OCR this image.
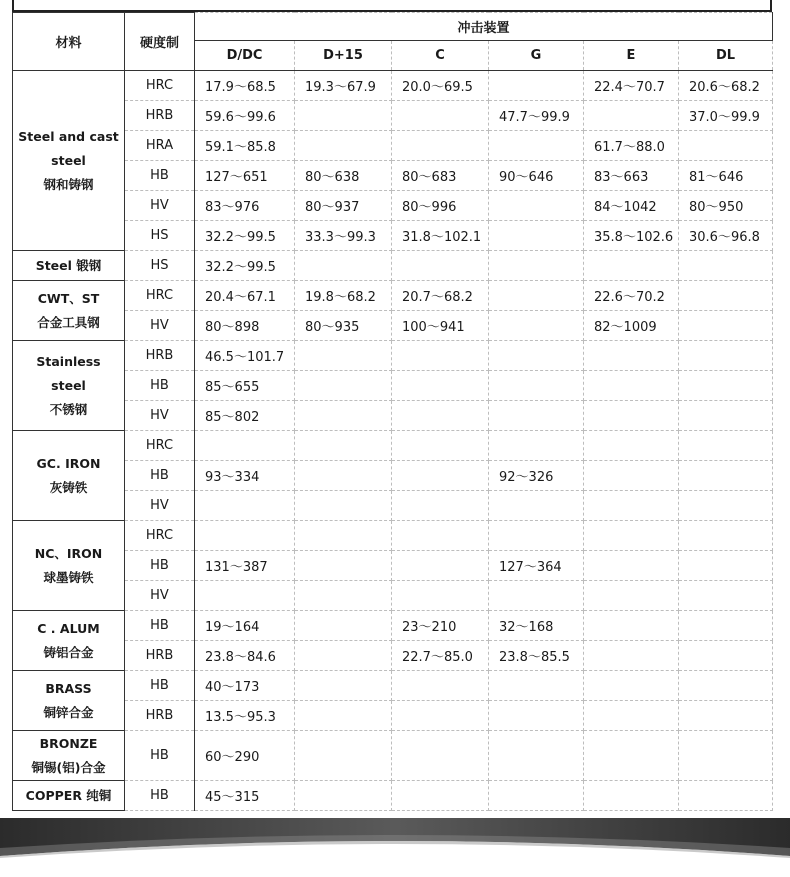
材料	硬度制	冲击装置					
		D/DC	D+15	C	G	E	DL

Steel and cast
steel
钢和铸钢	HRC	17.9～68.5	19.3～67.9	20.0～69.5		22.4～70.7	20.6～68.2
	HRB	59.6～99.6			47.7～99.9		37.0～99.9
	HRA	59.1～85.8				61.7～88.0	
	HB	127～651	80～638	80～683	90～646	83～663	81～646
	HV	83～976	80～937	80～996		84～1042	80～950
	HS	32.2～99.5	33.3～99.3	31.8～102.1		35.8～102.6	30.6～96.8

Steel 锻钢	HS	32.2～99.5					

CWT、ST
合金工具钢	HRC	20.4～67.1	19.8～68.2	20.7～68.2		22.6～70.2	
	HV	80～898	80～935	100～941		82～1009	

Stainless
steel
不锈钢	HRB	46.5～101.7					
	HB	85～655					
	HV	85～802					

GC. IRON
灰铸铁	HRC						
	HB	93～334			92～326		
	HV						

NC、IRON
球墨铸铁	HRC						
	HB	131～387			127～364		
	HV						

C . ALUM
铸铝合金	HB	19～164		23～210	32～168		
	HRB	23.8～84.6		22.7～85.0	23.8～85.5		

BRASS
铜锌合金	HB	40～173					
	HRB	13.5～95.3					

BRONZE
铜锡(铝)合金	HB	60～290					

COPPER 纯铜	HB	45～315					
